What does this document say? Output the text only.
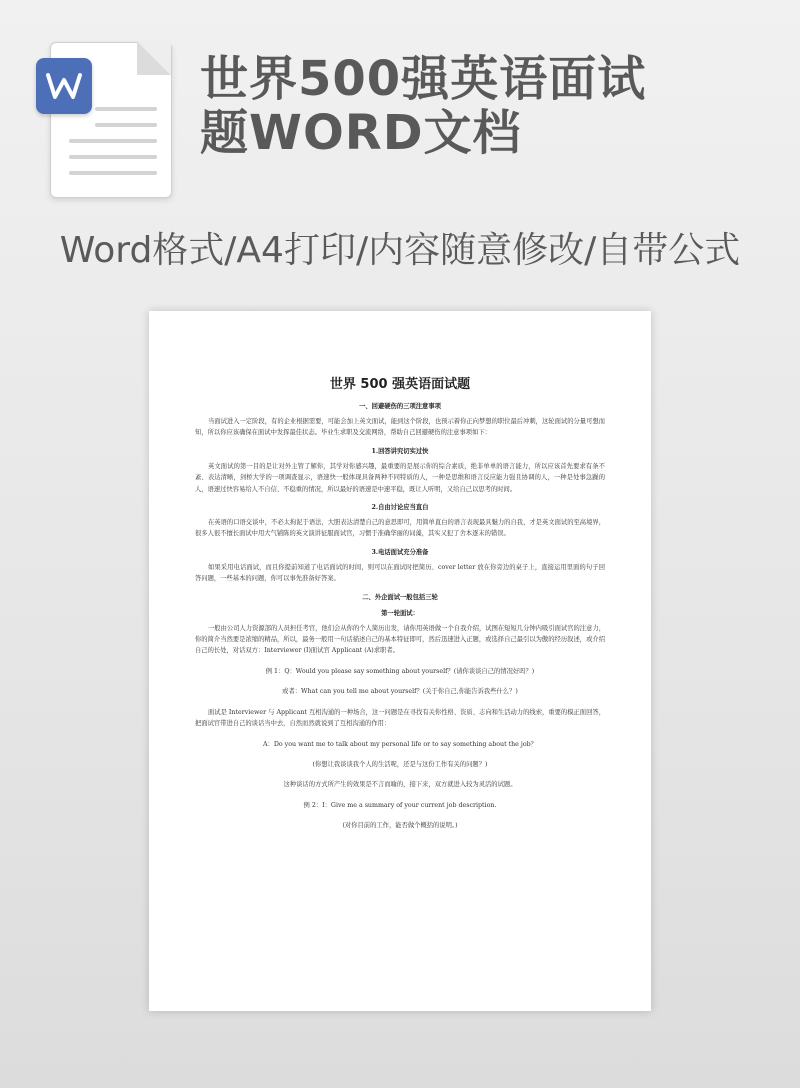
世界500强英语面试
题WORD文档
Word格式/A4打印/内容随意修改/自带公式
世界 500 强英语面试题
一、回避硬伤的三项注意事项

当面试进入一定阶段，有的企业根据需要，可能会加上英文面试，能到这个阶段，也预示着你正向梦想的职位最后冲刺，这轮面试的分量可想而知，所以你应该确保在面试中发挥最佳状态。毕业生求职及交流网络，帮助自己回避硬伤的注意事项如下：

1.回答讲究切实过快

英文面试的第一目的是让对外主管了解你，其学对你感兴趣，最重要的是展示你的综合素质，绝非单单的语言能力，所以应该首先要求有条不紊、表达清晰，剑桥大学的一项调查显示，语速快一般体现具备两种不同特质的人，一种是思维和语言反应能力强且协调的人，一种是处事急躁的人，语速过快容易给人不自信、不稳重的情况，所以最好的语速是中速平稳，既让人听明，又给自己以思考的时间。

2.自由讨论应当直白

在英语的口语交谈中，不必太拘泥于语法，大胆表达清楚自己的意思即可，用简单直白的语言表现最具魅力的自我，才是英文面试的至高境界，很多人很不擅长面试中用大气铺陈的英文演讲征服面试官，习惯于准确华丽的词藻，其实又犯了舍本逐末的错误。

3.电话面试充分准备

如果采用电话面试，而且你提前知道了电话面试的时间，则可以在面试时把简历、cover letter 放在你旁边的桌子上，直接运用里面的句子回答问题，一些基本的问题，你可以事先准备好答案。

二、外企面试一般包括三轮
第一轮面试：

一般由公司人力资源部的人员担任考官，他们会从你的个人简历出发，请你用英语做一个自我介绍，试图在短短几分钟内吸引面试官的注意力，你的简介当然要是浓缩的精品，所以，最务一般用一句话描述自己的基本特征即可，然后迅速进入正题，或选择自己最引以为傲的经历叙述，或介绍自己的长处，对话双方：Interviewer (I)面试官 Applicant (A)求职者。

例 1：Q：Would you please say something about yourself？(请你谈谈自己的情况好吗？)

或者：What can you tell me about yourself？(关于你自己,你能告诉我些什么？)

面试是 Interviewer 与 Applicant 互相沟通的一种场合，这一问题是在寻找有关你性格、资质、志向和生活动力的线索，重要的模正面回答，把面试官带进自己的谈话当中去，自然而然就说到了互相沟通的作用：

A：Do you want me to talk about my personal life or to say something about the job？

(你想让我谈谈我个人的生活呢，还是与这份工作有关的问题？)

这种谈话的方式所产生的效果是不言而喻的，接下来，双方就进入较为灵活的试题。

例 2：I：Give me a summary of your current job description.

(对你目前的工作，能否做个概括的说明。)
